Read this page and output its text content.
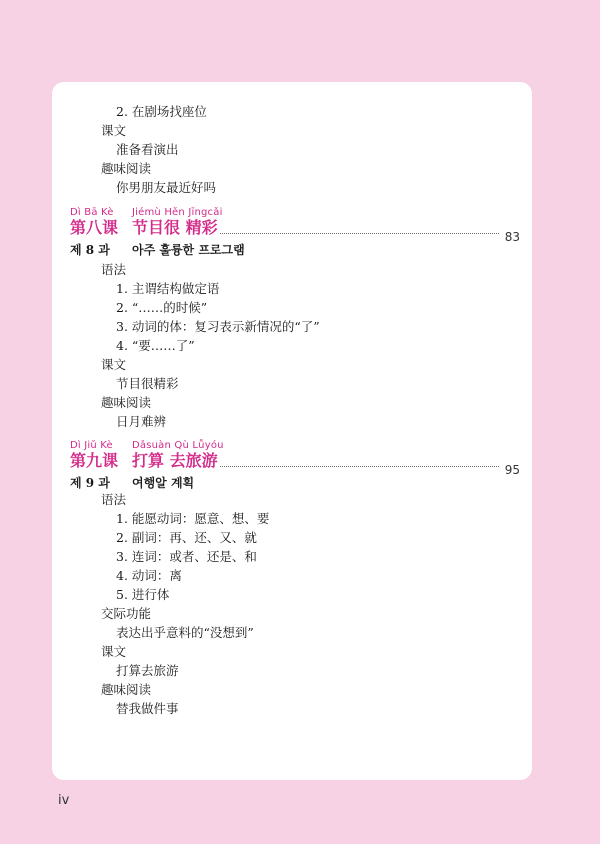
2. 在剧场找座位
课文
准备看演出
趣味阅读
你男朋友最近好吗
Dì Bā Kè Jiémù Hěn Jīngcǎi
第八课 节目很 精彩	83
제 8 과 아주 훌륭한 프로그램
语法
1. 主谓结构做定语
2. “……的时候”
3. 动词的体：复习表示新情况的“了”
4. “要……了”
课文
节目很精彩
趣味阅读
日月难辨
Dì Jiǔ Kè Dǎsuàn Qù Lǚyóu
第九课 打算 去旅游	95
제 9 과 여행알 계획
语法
1. 能愿动词：愿意、想、要
2. 副词：再、还、又、就
3. 连词：或者、还是、和
4. 动词：离
5. 进行体
交际功能
表达出乎意料的“没想到”
课文
打算去旅游
趣味阅读
替我做件事
iv
